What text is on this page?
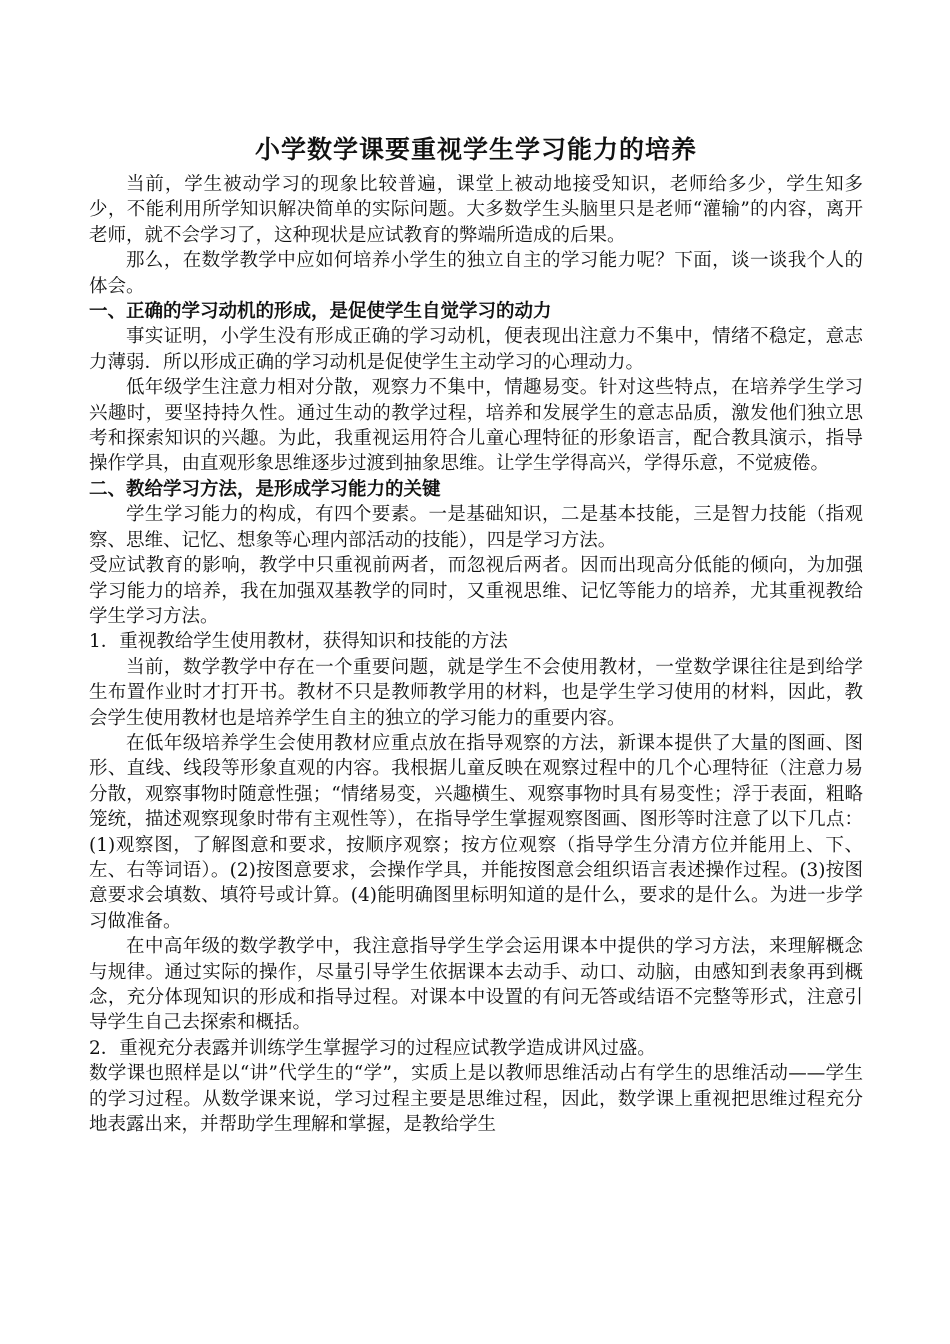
小学数学课要重视学生学习能力的培养

当前，学生被动学习的现象比较普遍，课堂上被动地接受知识，老师给多少，学生知多少，不能利用所学知识解决简单的实际问题。大多数学生头脑里只是老师“灌输”的内容，离开老师，就不会学习了，这种现状是应试教育的弊端所造成的后果。

那么，在数学教学中应如何培养小学生的独立自主的学习能力呢？下面，谈一谈我个人的体会。

一、正确的学习动机的形成，是促使学生自觉学习的动力

事实证明，小学生没有形成正确的学习动机，便表现出注意力不集中，情绪不稳定，意志力薄弱．所以形成正确的学习动机是促使学生主动学习的心理动力。

低年级学生注意力相对分散，观察力不集中，情趣易变。针对这些特点，在培养学生学习兴趣时，要坚持持久性。通过生动的教学过程，培养和发展学生的意志品质，激发他们独立思考和探索知识的兴趣。为此，我重视运用符合儿童心理特征的形象语言，配合教具演示，指导操作学具，由直观形象思维逐步过渡到抽象思维。让学生学得高兴，学得乐意，不觉疲倦。

二、教给学习方法，是形成学习能力的关键

学生学习能力的构成，有四个要素。一是基础知识，二是基本技能，三是智力技能（指观察、思维、记忆、想象等心理内部活动的技能），四是学习方法。

受应试教育的影响，教学中只重视前两者，而忽视后两者。因而出现高分低能的倾向，为加强学习能力的培养，我在加强双基教学的同时，又重视思维、记忆等能力的培养，尤其重视教给学生学习方法。

1．重视教给学生使用教材，获得知识和技能的方法

当前，数学教学中存在一个重要问题，就是学生不会使用教材，一堂数学课往往是到给学生布置作业时才打开书。教材不只是教师教学用的材料，也是学生学习使用的材料，因此，教会学生使用教材也是培养学生自主的独立的学习能力的重要内容。

在低年级培养学生会使用教材应重点放在指导观察的方法，新课本提供了大量的图画、图形、直线、线段等形象直观的内容。我根据儿童反映在观察过程中的几个心理特征（注意力易分散，观察事物时随意性强；“情绪易变，兴趣横生、观察事物时具有易变性；浮于表面，粗略笼统，描述观察现象时带有主观性等），在指导学生掌握观察图画、图形等时注意了以下几点：(1)观察图，了解图意和要求，按顺序观察；按方位观察（指导学生分清方位并能用上、下、左、右等词语）。(2)按图意要求，会操作学具，并能按图意会组织语言表述操作过程。(3)按图意要求会填数、填符号或计算。(4)能明确图里标明知道的是什么，要求的是什么。为进一步学习做准备。

在中高年级的数学教学中，我注意指导学生学会运用课本中提供的学习方法，来理解概念与规律。通过实际的操作，尽量引导学生依据课本去动手、动口、动脑，由感知到表象再到概念，充分体现知识的形成和指导过程。对课本中设置的有问无答或结语不完整等形式，注意引导学生自己去探索和概括。

2．重视充分表露并训练学生掌握学习的过程应试教学造成讲风过盛。

数学课也照样是以“讲”代学生的“学”，实质上是以教师思维活动占有学生的思维活动——学生的学习过程。从数学课来说，学习过程主要是思维过程，因此，数学课上重视把思维过程充分地表露出来，并帮助学生理解和掌握，是教给学生
